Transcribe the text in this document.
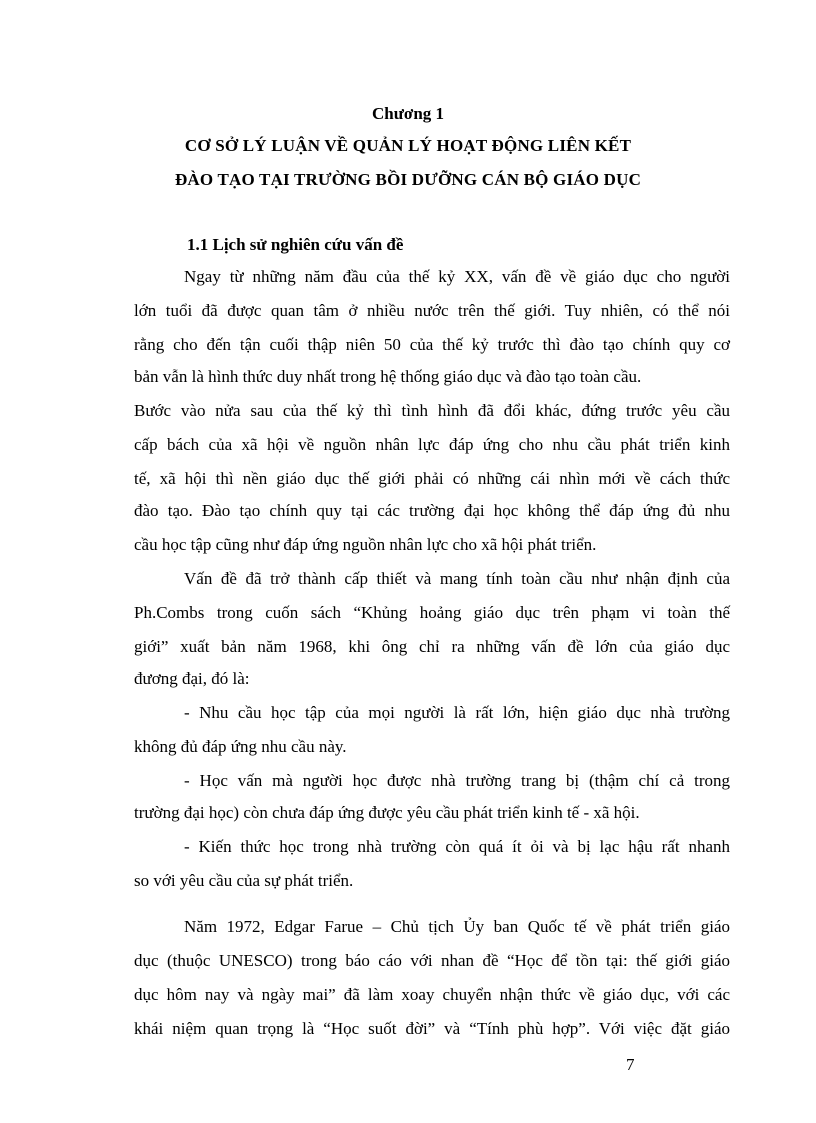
Chương 1
CƠ SỞ LÝ LUẬN VỀ QUẢN LÝ HOẠT ĐỘNG LIÊN KẾT
ĐÀO TẠO TẠI TRƯỜNG BỒI DƯỠNG CÁN BỘ GIÁO DỤC
1.1 Lịch sử nghiên cứu vấn đề
Ngay từ những năm đầu của thế kỷ XX, vấn đề về giáo dục cho người
lớn tuổi đã được quan tâm ở nhiều nước trên thế giới. Tuy nhiên, có thể nói
rằng cho đến tận cuối thập niên 50 của thế kỷ trước thì đào tạo chính quy cơ
bản vẫn là hình thức duy nhất trong hệ thống giáo dục và đào tạo toàn cầu.
Bước vào nửa sau của thế kỷ thì tình hình đã đổi khác, đứng trước yêu cầu
cấp bách của xã hội về nguồn nhân lực đáp ứng cho nhu cầu phát triển kinh
tế, xã hội thì nền giáo dục thế giới phải có những cái nhìn mới về cách thức
đào tạo. Đào tạo chính quy tại các trường đại học không thể đáp ứng đủ nhu
cầu học tập cũng như đáp ứng nguồn nhân lực cho xã hội phát triển.
Vấn đề đã trở thành cấp thiết và mang tính toàn cầu như nhận định của
Ph.Combs trong cuốn sách “Khủng hoảng giáo dục trên phạm vi toàn thế
giới” xuất bản năm 1968, khi ông chỉ ra những vấn đề lớn của giáo dục
đương đại, đó là:
- Nhu cầu học tập của mọi người là rất lớn, hiện giáo dục nhà trường
không đủ đáp ứng nhu cầu này.
- Học vấn mà người học được nhà trường trang bị (thậm chí cả trong
trường đại học) còn chưa đáp ứng được yêu cầu phát triển kinh tế - xã hội.
- Kiến thức học trong nhà trường còn quá ít ỏi và bị lạc hậu rất nhanh
so với yêu cầu của sự phát triển.
Năm 1972, Edgar Farue – Chủ tịch Ủy ban Quốc tế về phát triển giáo
dục (thuộc UNESCO) trong báo cáo với nhan đề “Học để tồn tại: thế giới giáo
dục hôm nay và ngày mai” đã làm xoay chuyển nhận thức về giáo dục, với các
khái niệm quan trọng là “Học suốt đời” và “Tính phù hợp”. Với việc đặt giáo
7
